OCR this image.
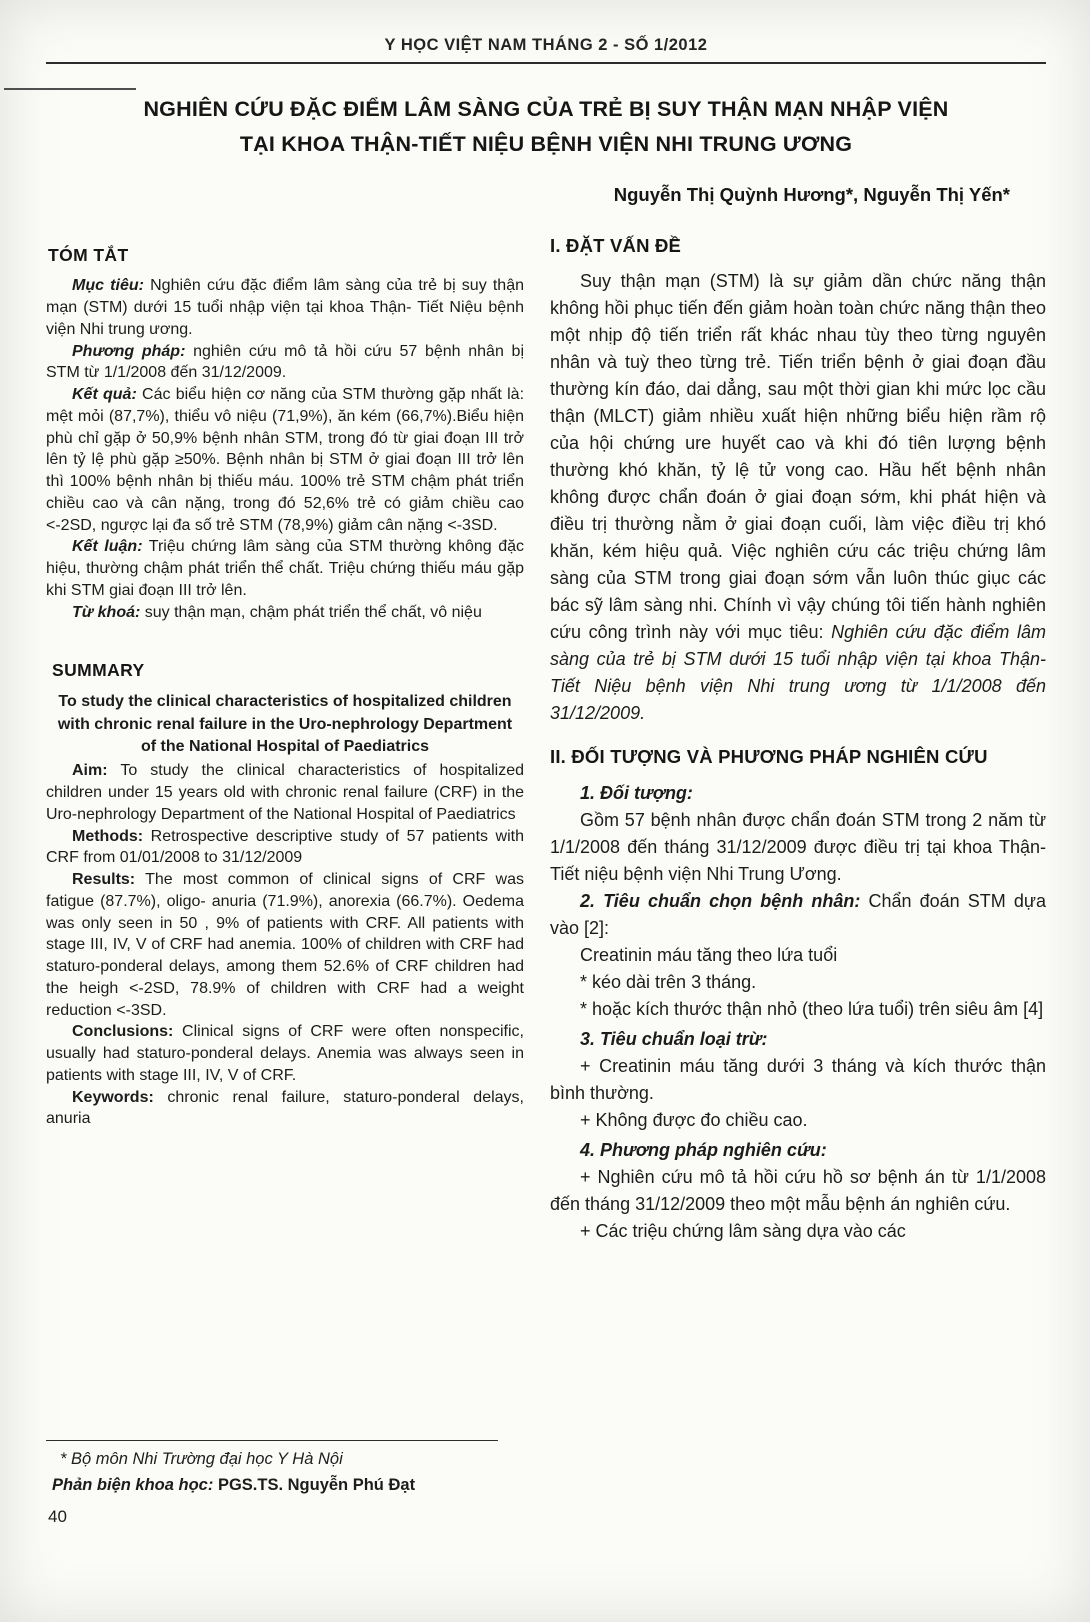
Y HỌC VIỆT NAM THÁNG 2 - SỐ 1/2012
NGHIÊN CỨU ĐẶC ĐIỂM LÂM SÀNG CỦA TRẺ BỊ SUY THẬN MẠN NHẬP VIỆN
TẠI KHOA THẬN-TIẾT NIỆU BỆNH VIỆN NHI TRUNG ƯƠNG
Nguyễn Thị Quỳnh Hương*, Nguyễn Thị Yến*
TÓM TẮT

Mục tiêu: Nghiên cứu đặc điểm lâm sàng của trẻ bị suy thận mạn (STM) dưới 15 tuổi nhập viện tại khoa Thận- Tiết Niệu bệnh viện Nhi trung ương.

Phương pháp: nghiên cứu mô tả hồi cứu 57 bệnh nhân bị STM từ 1/1/2008 đến 31/12/2009.

Kết quả: Các biểu hiện cơ năng của STM thường gặp nhất là: mệt mỏi (87,7%), thiểu vô niệu (71,9%), ăn kém (66,7%).Biểu hiện phù chỉ gặp ở 50,9% bệnh nhân STM, trong đó từ giai đoạn III trở lên tỷ lệ phù gặp ≥50%. Bệnh nhân bị STM ở giai đoạn III trở lên thì 100% bệnh nhân bị thiếu máu. 100% trẻ STM chậm phát triển chiều cao và cân nặng, trong đó 52,6% trẻ có giảm chiều cao <-2SD, ngược lại đa số trẻ STM (78,9%) giảm cân nặng <-3SD.

Kết luận: Triệu chứng lâm sàng của STM thường không đặc hiệu, thường chậm phát triển thể chất. Triệu chứng thiếu máu gặp khi STM giai đoạn III trở lên.

Từ khoá: suy thận mạn, chậm phát triển thể chất, vô niệu

SUMMARY
To study the clinical characteristics of hospitalized children with chronic renal failure in the Uro-nephrology Department of the National Hospital of Paediatrics

Aim: To study the clinical characteristics of hospitalized children under 15 years old with chronic renal failure (CRF) in the Uro-nephrology Department of the National Hospital of Paediatrics

Methods: Retrospective descriptive study of 57 patients with CRF from 01/01/2008 to 31/12/2009

Results: The most common of clinical signs of CRF was fatigue (87.7%), oligo- anuria (71.9%), anorexia (66.7%). Oedema was only seen in 50 , 9% of patients with CRF. All patients with stage III, IV, V of CRF had anemia. 100% of children with CRF had staturo-ponderal delays, among them 52.6% of CRF children had the heigh <-2SD, 78.9% of children with CRF had a weight reduction <-3SD.

Conclusions: Clinical signs of CRF were often nonspecific, usually had staturo-ponderal delays. Anemia was always seen in patients with stage III, IV, V of CRF.

Keywords: chronic renal failure, staturo-ponderal delays, anuria

I. ĐẶT VẤN ĐỀ

Suy thận mạn (STM) là sự giảm dần chức năng thận không hồi phục tiến đến giảm hoàn toàn chức năng thận theo một nhịp độ tiến triển rất khác nhau tùy theo từng nguyên nhân và tuỳ theo từng trẻ. Tiến triển bệnh ở giai đoạn đầu thường kín đáo, dai dẳng, sau một thời gian khi mức lọc cầu thận (MLCT) giảm nhiều xuất hiện những biểu hiện rầm rộ của hội chứng ure huyết cao và khi đó tiên lượng bệnh thường khó khăn, tỷ lệ tử vong cao. Hầu hết bệnh nhân không được chẩn đoán ở giai đoạn sớm, khi phát hiện và điều trị thường nằm ở giai đoạn cuối, làm việc điều trị khó khăn, kém hiệu quả. Việc nghiên cứu các triệu chứng lâm sàng của STM trong giai đoạn sớm vẫn luôn thúc giục các bác sỹ lâm sàng nhi. Chính vì vậy chúng tôi tiến hành nghiên cứu công trình này với mục tiêu: Nghiên cứu đặc điểm lâm sàng của trẻ bị STM dưới 15 tuổi nhập viện tại khoa Thận- Tiết Niệu bệnh viện Nhi trung ương từ 1/1/2008 đến 31/12/2009.

II. ĐỐI TƯỢNG VÀ PHƯƠNG PHÁP NGHIÊN CỨU

1. Đối tượng:

Gồm 57 bệnh nhân được chẩn đoán STM trong 2 năm từ 1/1/2008 đến tháng 31/12/2009 được điều trị tại khoa Thận-Tiết niệu bệnh viện Nhi Trung Ương.

2. Tiêu chuẩn chọn bệnh nhân: Chẩn đoán STM dựa vào [2]:

Creatinin máu tăng theo lứa tuổi

* kéo dài trên 3 tháng.

* hoặc kích thước thận nhỏ (theo lứa tuổi) trên siêu âm [4]

3. Tiêu chuẩn loại trừ:

+ Creatinin máu tăng dưới 3 tháng và kích thước thận bình thường.

+ Không được đo chiều cao.

4. Phương pháp nghiên cứu:

+ Nghiên cứu mô tả hồi cứu hồ sơ bệnh án từ 1/1/2008 đến tháng 31/12/2009 theo một mẫu bệnh án nghiên cứu.

+ Các triệu chứng lâm sàng dựa vào các

* Bộ môn Nhi Trường đại học Y Hà Nội
Phản biện khoa học: PGS.TS. Nguyễn Phú Đạt
40
